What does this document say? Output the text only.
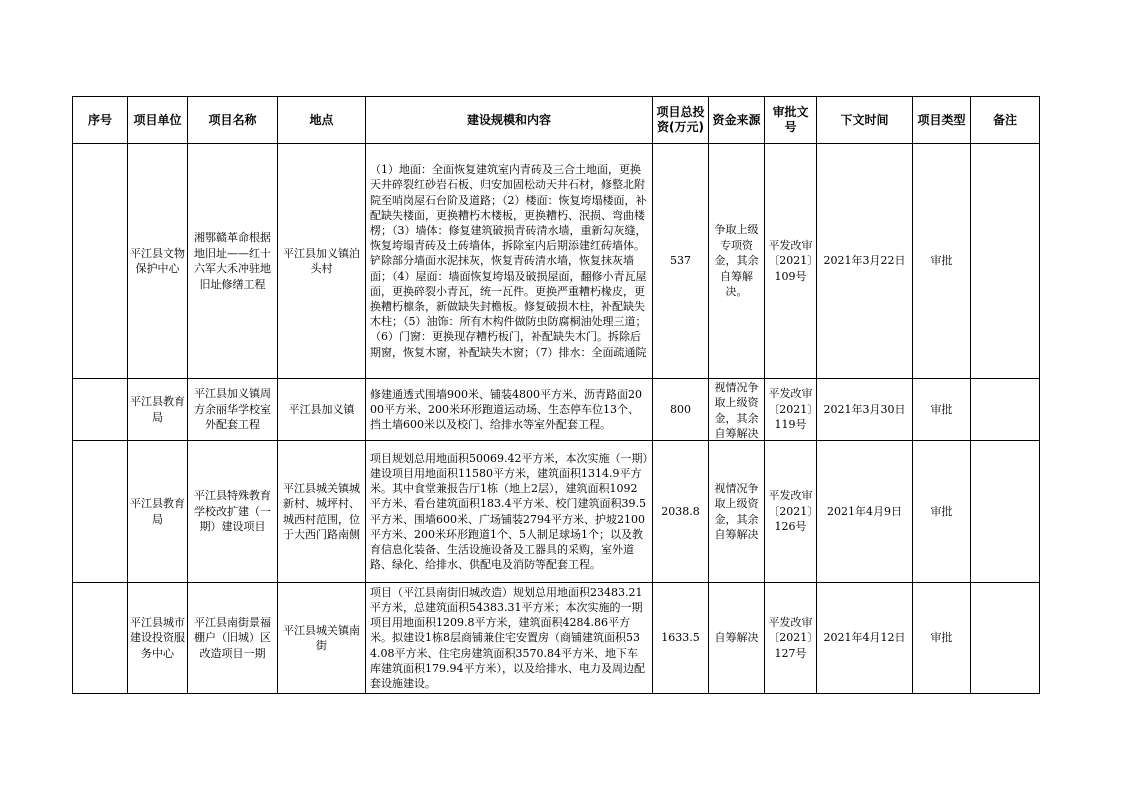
序号	项目单位	项目名称	地点	建设规模和内容	项目总投资(万元)	资金来源	审批文号	下文时间	项目类型	备注
	平江县文物保护中心	湘鄂赣革命根据地旧址——红十六军大禾冲驻地旧址修缮工程	平江县加义镇泊头村	（1）地面：全面恢复建筑室内青砖及三合土地面，更换天井碎裂红砂岩石板、归安加固松动天井石材，修整北附院至哨岗屋石台阶及道路；（2）楼面：恢复垮塌楼面，补配缺失楼面，更换糟朽木楼板，更换糟朽、泯损、弯曲楼楞；（3）墙体：修复建筑破损青砖清水墙，重新勾灰缝，恢复垮塌青砖及土砖墙体，拆除室内后期添建红砖墙体。铲除部分墙面水泥抹灰，恢复青砖清水墙，恢复抹灰墙面；（4）屋面：墙面恢复垮塌及破损屋面，翻修小青瓦屋面，更换碎裂小青瓦，统一瓦件。更换严重糟朽椽皮，更换糟朽檩条，新做缺失封檐板。修复破损木柱，补配缺失木柱；（5）油饰：所有木构件做防虫防腐桐油处理三道；（6）门窗：更换现存糟朽板门，补配缺失木门。拆除后期窗，恢复木窗，补配缺失木窗；（7）排水：全面疏通院	537	争取上级专项资金，其余自筹解决。	平发改审〔2021〕109号	2021年3月22日	审批	
	平江县教育局	平江县加义镇周方余丽华学校室外配套工程	平江县加义镇	修建通透式围墙900米、铺装4800平方米、沥青路面2000平方米、200米环形跑道运动场、生态停车位13个、挡土墙600米以及校门、给排水等室外配套工程。	800	视情况争取上级资金，其余自筹解决	平发改审〔2021〕119号	2021年3月30日	审批	
	平江县教育局	平江县特殊教育学校改扩建（一期）建设项目	平江县城关镇城新村、城坪村、城西村范围，位于大西门路南侧	项目规划总用地面积50069.42平方米，本次实施（一期）建设项目用地面积11580平方米，建筑面积1314.9平方米。其中食堂兼报告厅1栋（地上2层），建筑面积1092平方米、看台建筑面积183.4平方米、校门建筑面积39.5平方米、围墙600米、广场铺装2794平方米、护坡2100平方米、200米环形跑道1个、5人制足球场1个；以及教育信息化装备、生活设施设备及工器具的采购，室外道路、绿化、给排水、供配电及消防等配套工程。	2038.8	视情况争取上级资金，其余自筹解决	平发改审〔2021〕126号	2021年4月9日	审批	
	平江县城市建设投资服务中心	平江县南街景福棚户（旧城）区改造项目一期	平江县城关镇南街	项目（平江县南街旧城改造）规划总用地面积23483.21平方米，总建筑面积54383.31平方米；本次实施的一期项目用地面积1209.8平方米，建筑面积4284.86平方米。拟建设1栋8层商铺兼住宅安置房（商铺建筑面积534.08平方米、住宅房建筑面积3570.84平方米、地下车库建筑面积179.94平方米），以及给排水、电力及周边配套设施建设。	1633.5	自筹解决	平发改审〔2021〕127号	2021年4月12日	审批	
